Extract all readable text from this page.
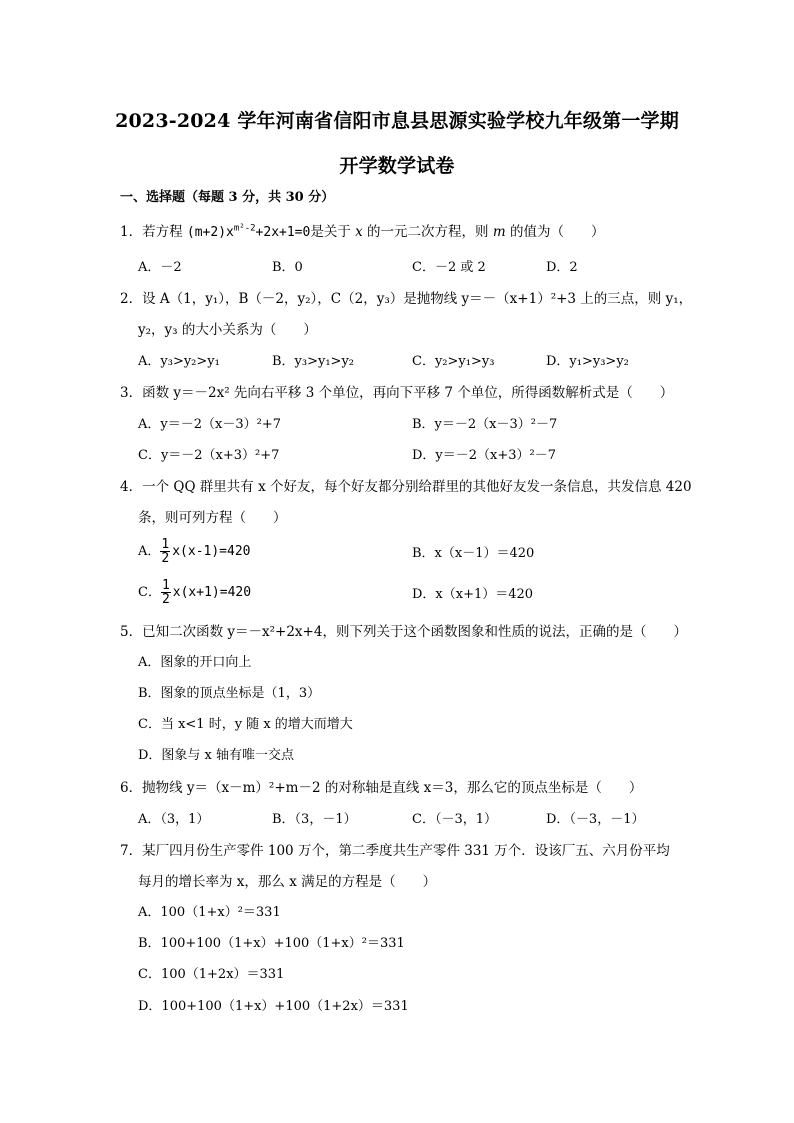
2023-2024 学年河南省信阳市息县思源实验学校九年级第一学期
开学数学试卷
一、选择题（每题 3 分，共 30 分）
1．若方程 $(m+2)x^{m^2-2}+2x+1=0$是关于 x 的一元二次方程，则 m 的值为（　　）
A．－2	B．0	C．－2 或 2	D．2
2．设 A（1，y₁），B（－2，y₂），C（2，y₃）是抛物线 y＝－（x+1）²+3 上的三点，则 y₁，
y₂，y₃ 的大小关系为（　　）
A．y₃>y₂>y₁	B．y₃>y₁>y₂	C．y₂>y₁>y₃	D．y₁>y₃>y₂
3．函数 y＝－2x² 先向右平移 3 个单位，再向下平移 7 个单位，所得函数解析式是（　　）
A．y＝－2（x－3）²+7	B．y＝－2（x－3）²－7
C．y＝－2（x+3）²+7	D．y＝－2（x+3）²－7
4．一个 QQ 群里共有 x 个好友，每个好友都分别给群里的其他好友发一条信息，共发信息 420
条，则可列方程（　　）
A． $\frac{1}{2} x(x-1)=420$	B．x（x－1）＝420
C． $\frac{1}{2} x(x+1)=420$	D．x（x+1）＝420
5．已知二次函数 y＝－x²+2x+4，则下列关于这个函数图象和性质的说法，正确的是（　　）
A．图象的开口向上
B．图象的顶点坐标是（1，3）
C．当 x<1 时，y 随 x 的增大而增大
D．图象与 x 轴有唯一交点
6．抛物线 y＝（x－m）²+m－2 的对称轴是直线 x＝3，那么它的顶点坐标是（　　）
A．（3，1）	B．（3，－1）	C．（－3，1）	D．（－3，－1）
7．某厂四月份生产零件 100 万个，第二季度共生产零件 331 万个．设该厂五、六月份平均
每月的增长率为 x，那么 x 满足的方程是（　　）
A．100（1+x）²＝331
B．100+100（1+x）+100（1+x）²＝331
C．100（1+2x）＝331
D．100+100（1+x）+100（1+2x）＝331
